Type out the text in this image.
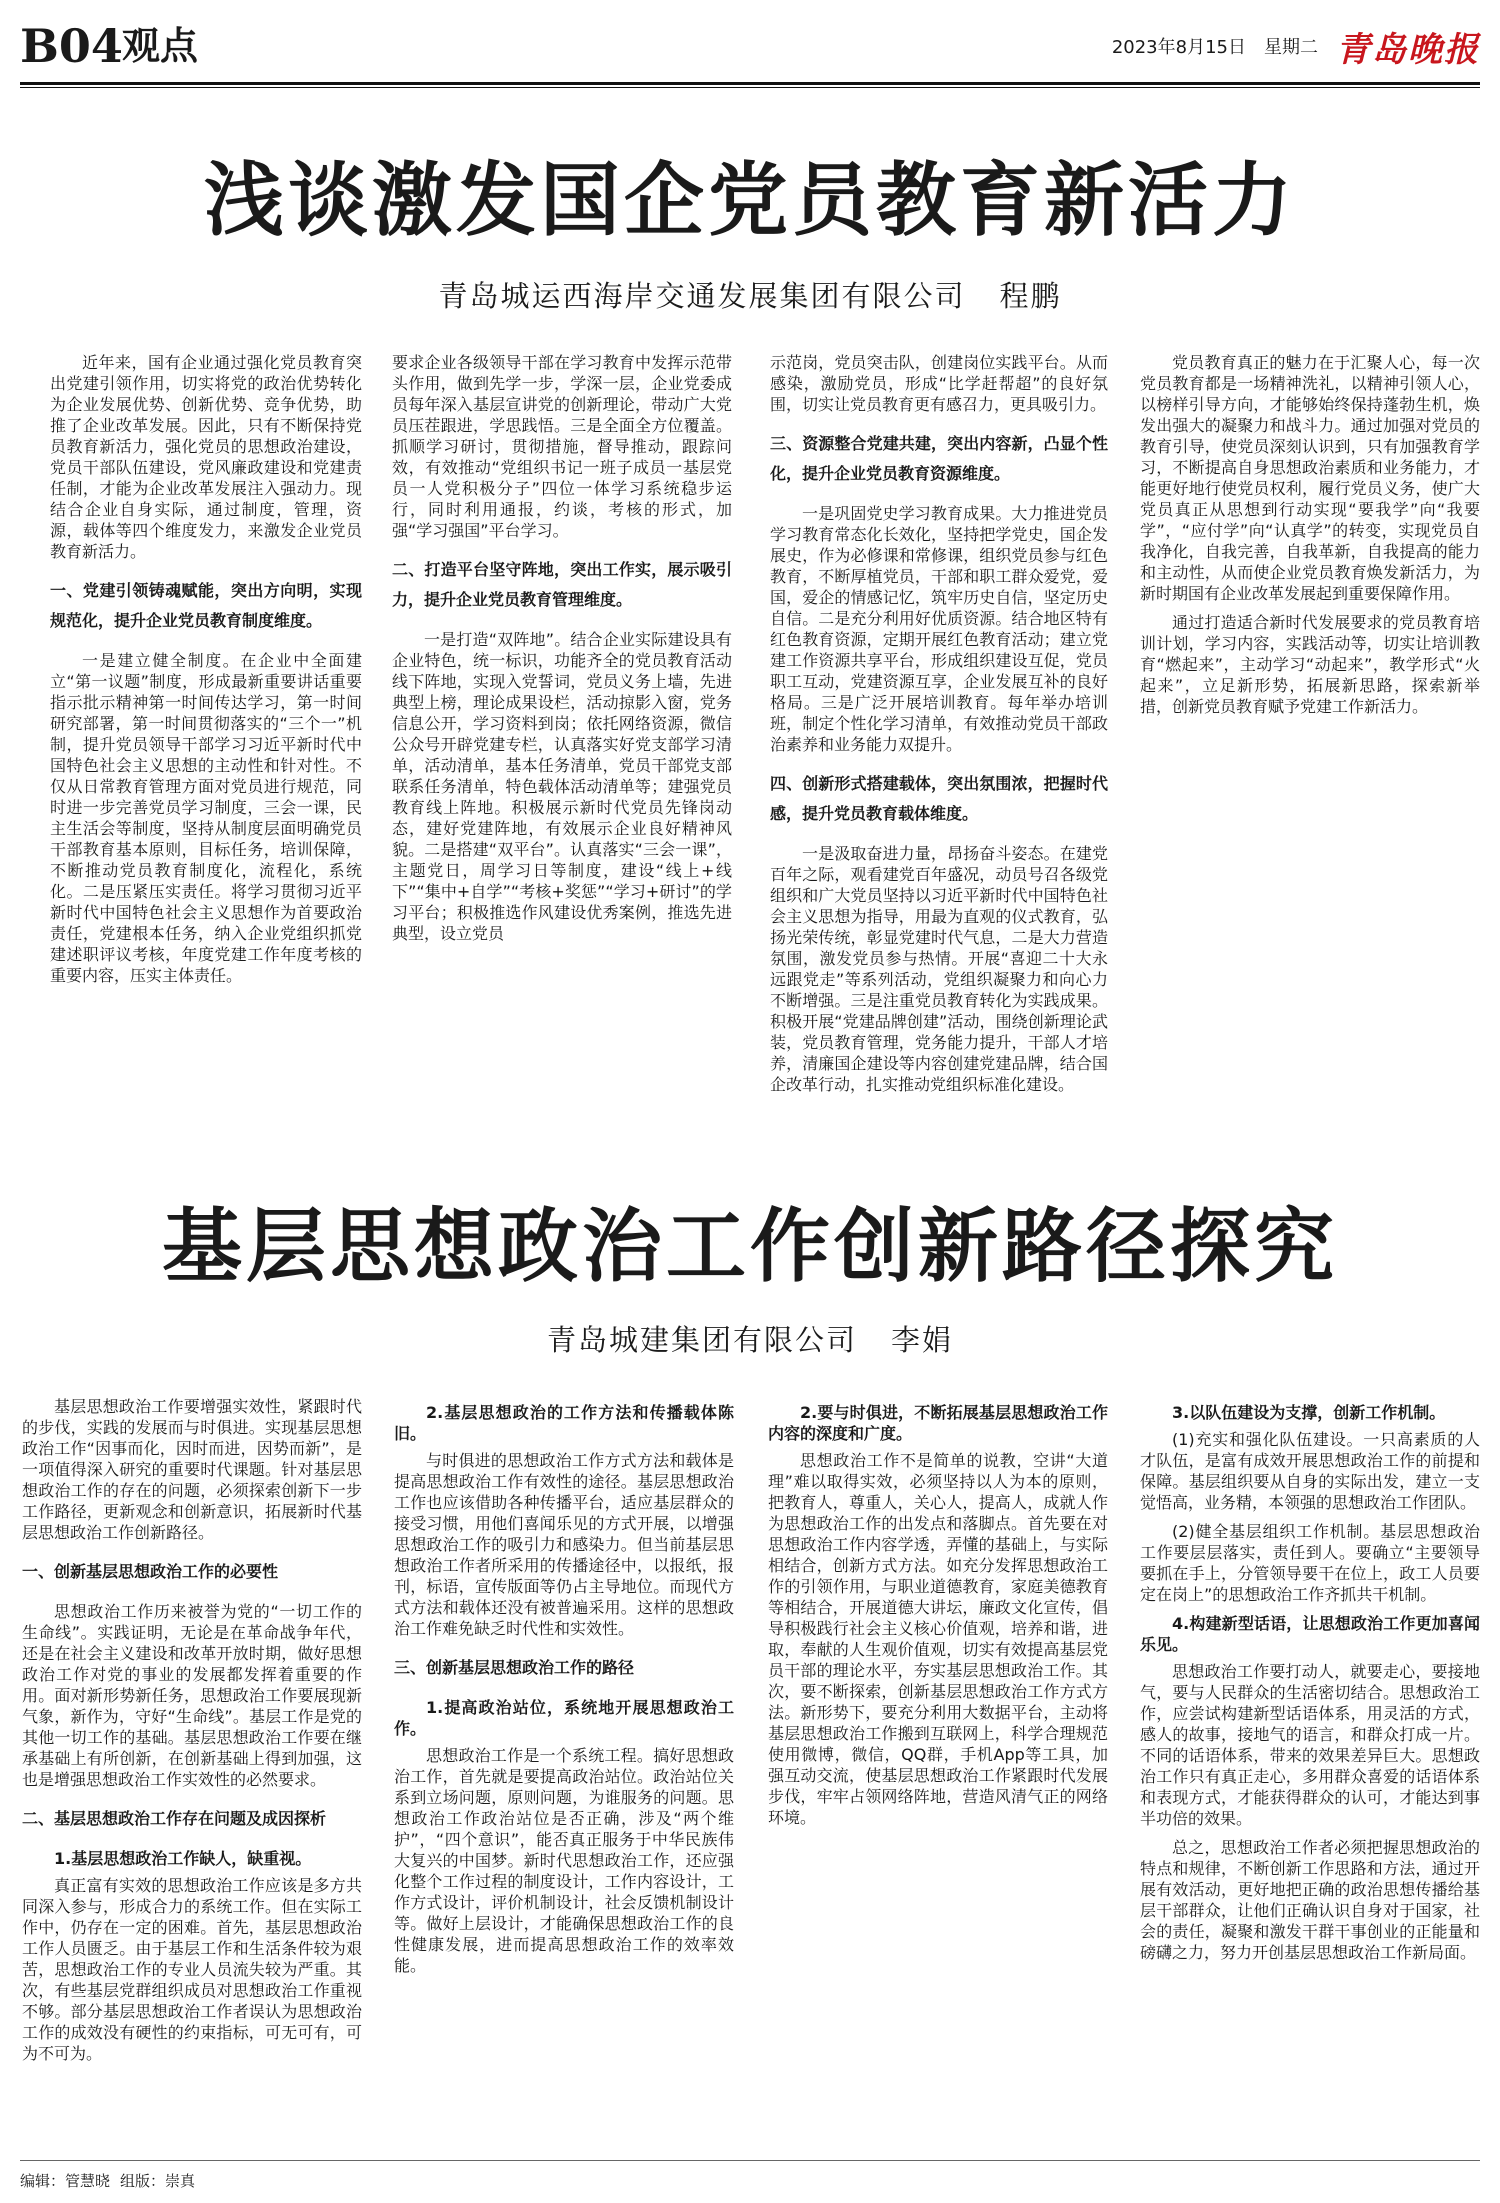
B04 观点	2023年8月15日 星期二 青岛晚报
浅谈激发国企党员教育新活力
青岛城运西海岸交通发展集团有限公司 程鹏

近年来，国有企业通过强化党员教育突出党建引领作用，切实将党的政治优势转化为企业发展优势、创新优势、竞争优势，助推了企业改革发展。因此，只有不断保持党员教育新活力，强化党员的思想政治建设，党员干部队伍建设，党风廉政建设和党建责任制，才能为企业改革发展注入强动力。现结合企业自身实际，通过制度，管理，资源，载体等四个维度发力，来激发企业党员教育新活力。

一、党建引领铸魂赋能，突出方向明，实现规范化，提升企业党员教育制度维度。

一是建立健全制度。在企业中全面建立“第一议题”制度，形成最新重要讲话重要指示批示精神第一时间传达学习，第一时间研究部署，第一时间贯彻落实的“三个一”机制，提升党员领导干部学习习近平新时代中国特色社会主义思想的主动性和针对性。不仅从日常教育管理方面对党员进行规范，同时进一步完善党员学习制度，三会一课，民主生活会等制度，坚持从制度层面明确党员干部教育基本原则，目标任务，培训保障，不断推动党员教育制度化，流程化，系统化。二是压紧压实责任。将学习贯彻习近平新时代中国特色社会主义思想作为首要政治责任，党建根本任务，纳入企业党组织抓党建述职评议考核，年度党建工作年度考核的重要内容，压实主体责任。

要求企业各级领导干部在学习教育中发挥示范带头作用，做到先学一步，学深一层，企业党委成员每年深入基层宣讲党的创新理论，带动广大党员压茬跟进，学思践悟。三是全面全方位覆盖。抓顺学习研讨，贯彻措施，督导推动，跟踪问效，有效推动“党组织书记一班子成员一基层党员一人党积极分子”四位一体学习系统稳步运行，同时利用通报，约谈，考核的形式，加强“学习强国”平台学习。

二、打造平台坚守阵地，突出工作实，展示吸引力，提升企业党员教育管理维度。

一是打造“双阵地”。结合企业实际建设具有企业特色，统一标识，功能齐全的党员教育活动线下阵地，实现入党誓词，党员义务上墙，先进典型上榜，理论成果设栏，活动掠影入窗，党务信息公开，学习资料到岗；依托网络资源，微信公众号开辟党建专栏，认真落实好党支部学习清单，活动清单，基本任务清单，党员干部党支部联系任务清单，特色载体活动清单等；建强党员教育线上阵地。积极展示新时代党员先锋岗动态，建好党建阵地，有效展示企业良好精神风貌。二是搭建“双平台”。认真落实“三会一课”，主题党日，周学习日等制度，建设“线上+线下”“集中+自学”“考核+奖惩”“学习+研讨”的学习平台；积极推选作风建设优秀案例，推选先进典型，设立党员

示范岗，党员突击队，创建岗位实践平台。从而感染，激励党员，形成“比学赶帮超”的良好氛围，切实让党员教育更有感召力，更具吸引力。

三、资源整合党建共建，突出内容新，凸显个性化，提升企业党员教育资源维度。

一是巩固党史学习教育成果。大力推进党员学习教育常态化长效化，坚持把学党史，国企发展史，作为必修课和常修课，组织党员参与红色教育，不断厚植党员，干部和职工群众爱党，爱国，爱企的情感记忆，筑牢历史自信，坚定历史自信。二是充分利用好优质资源。结合地区特有红色教育资源，定期开展红色教育活动；建立党建工作资源共享平台，形成组织建设互促，党员职工互动，党建资源互享，企业发展互补的良好格局。三是广泛开展培训教育。每年举办培训班，制定个性化学习清单，有效推动党员干部政治素养和业务能力双提升。

四、创新形式搭建载体，突出氛围浓，把握时代感，提升党员教育载体维度。

一是汲取奋进力量，昂扬奋斗姿态。在建党百年之际，观看建党百年盛况，动员号召各级党组织和广大党员坚持以习近平新时代中国特色社会主义思想为指导，用最为直观的仪式教育，弘扬光荣传统，彰显党建时代气息，二是大力营造氛围，激发党员参与热情。开展“喜迎二十大永远跟党走”等系列活动，党组织凝聚力和向心力不断增强。三是注重党员教育转化为实践成果。积极开展“党建品牌创建”活动，围绕创新理论武装，党员教育管理，党务能力提升，干部人才培养，清廉国企建设等内容创建党建品牌，结合国企改革行动，扎实推动党组织标准化建设。

党员教育真正的魅力在于汇聚人心，每一次党员教育都是一场精神洗礼，以精神引领人心，以榜样引导方向，才能够始终保持蓬勃生机，焕发出强大的凝聚力和战斗力。通过加强对党员的教育引导，使党员深刻认识到，只有加强教育学习，不断提高自身思想政治素质和业务能力，才能更好地行使党员权利，履行党员义务，使广大党员真正从思想到行动实现“要我学”向“我要学”，“应付学”向“认真学”的转变，实现党员自我净化，自我完善，自我革新，自我提高的能力和主动性，从而使企业党员教育焕发新活力，为新时期国有企业改革发展起到重要保障作用。

通过打造适合新时代发展要求的党员教育培训计划，学习内容，实践活动等，切实让培训教育“燃起来”，主动学习“动起来”，教学形式“火起来”，立足新形势，拓展新思路，探索新举措，创新党员教育赋予党建工作新活力。

基层思想政治工作创新路径探究
青岛城建集团有限公司 李娟

基层思想政治工作要增强实效性，紧跟时代的步伐，实践的发展而与时俱进。实现基层思想政治工作“因事而化，因时而进，因势而新”，是一项值得深入研究的重要时代课题。针对基层思想政治工作的存在的问题，必须探索创新下一步工作路径，更新观念和创新意识，拓展新时代基层思想政治工作创新路径。

一、创新基层思想政治工作的必要性

思想政治工作历来被誉为党的“一切工作的生命线”。实践证明，无论是在革命战争年代，还是在社会主义建设和改革开放时期，做好思想政治工作对党的事业的发展都发挥着重要的作用。面对新形势新任务，思想政治工作要展现新气象，新作为，守好“生命线”。基层工作是党的其他一切工作的基础。基层思想政治工作要在继承基础上有所创新，在创新基础上得到加强，这也是增强思想政治工作实效性的必然要求。

二、基层思想政治工作存在问题及成因探析

1.基层思想政治工作缺人，缺重视。

真正富有实效的思想政治工作应该是多方共同深入参与，形成合力的系统工作。但在实际工作中，仍存在一定的困难。首先，基层思想政治工作人员匮乏。由于基层工作和生活条件较为艰苦，思想政治工作的专业人员流失较为严重。其次，有些基层党群组织成员对思想政治工作重视不够。部分基层思想政治工作者误认为思想政治工作的成效没有硬性的约束指标，可无可有，可为不可为。

2.基层思想政治的工作方法和传播载体陈旧。

与时俱进的思想政治工作方式方法和载体是提高思想政治工作有效性的途径。基层思想政治工作也应该借助各种传播平台，适应基层群众的接受习惯，用他们喜闻乐见的方式开展，以增强思想政治工作的吸引力和感染力。但当前基层思想政治工作者所采用的传播途径中，以报纸，报刊，标语，宣传版面等仍占主导地位。而现代方式方法和载体还没有被普遍采用。这样的思想政治工作难免缺乏时代性和实效性。

三、创新基层思想政治工作的路径

1.提高政治站位，系统地开展思想政治工作。

思想政治工作是一个系统工程。搞好思想政治工作，首先就是要提高政治站位。政治站位关系到立场问题，原则问题，为谁服务的问题。思想政治工作政治站位是否正确，涉及“两个维护”，“四个意识”，能否真正服务于中华民族伟大复兴的中国梦。新时代思想政治工作，还应强化整个工作过程的制度设计，工作内容设计，工作方式设计，评价机制设计，社会反馈机制设计等。做好上层设计，才能确保思想政治工作的良性健康发展，进而提高思想政治工作的效率效能。

2.要与时俱进，不断拓展基层思想政治工作内容的深度和广度。

思想政治工作不是简单的说教，空讲“大道理”难以取得实效，必须坚持以人为本的原则，把教育人，尊重人，关心人，提高人，成就人作为思想政治工作的出发点和落脚点。首先要在对思想政治工作内容学透，弄懂的基础上，与实际相结合，创新方式方法。如充分发挥思想政治工作的引领作用，与职业道德教育，家庭美德教育等相结合，开展道德大讲坛，廉政文化宣传，倡导积极践行社会主义核心价值观，培养和谐，进取，奉献的人生观价值观，切实有效提高基层党员干部的理论水平，夯实基层思想政治工作。其次，要不断探索，创新基层思想政治工作方式方法。新形势下，要充分利用大数据平台，主动将基层思想政治工作搬到互联网上，科学合理规范使用微博，微信，QQ群，手机App等工具，加强互动交流，使基层思想政治工作紧跟时代发展步伐，牢牢占领网络阵地，营造风清气正的网络环境。

3.以队伍建设为支撑，创新工作机制。

(1)充实和强化队伍建设。一只高素质的人才队伍，是富有成效开展思想政治工作的前提和保障。基层组织要从自身的实际出发，建立一支觉悟高，业务精，本领强的思想政治工作团队。

(2)健全基层组织工作机制。基层思想政治工作要层层落实，责任到人。要确立“主要领导要抓在手上，分管领导要干在位上，政工人员要定在岗上”的思想政治工作齐抓共干机制。

4.构建新型话语，让思想政治工作更加喜闻乐见。

思想政治工作要打动人，就要走心，要接地气，要与人民群众的生活密切结合。思想政治工作，应尝试构建新型话语体系，用灵活的方式，感人的故事，接地气的语言，和群众打成一片。不同的话语体系，带来的效果差异巨大。思想政治工作只有真正走心，多用群众喜爱的话语体系和表现方式，才能获得群众的认可，才能达到事半功倍的效果。

总之，思想政治工作者必须把握思想政治的特点和规律，不断创新工作思路和方法，通过开展有效活动，更好地把正确的政治思想传播给基层干部群众，让他们正确认识自身对于国家，社会的责任，凝聚和激发干群干事创业的正能量和磅礴之力，努力开创基层思想政治工作新局面。

编辑：管慧晓 组版：崇真
